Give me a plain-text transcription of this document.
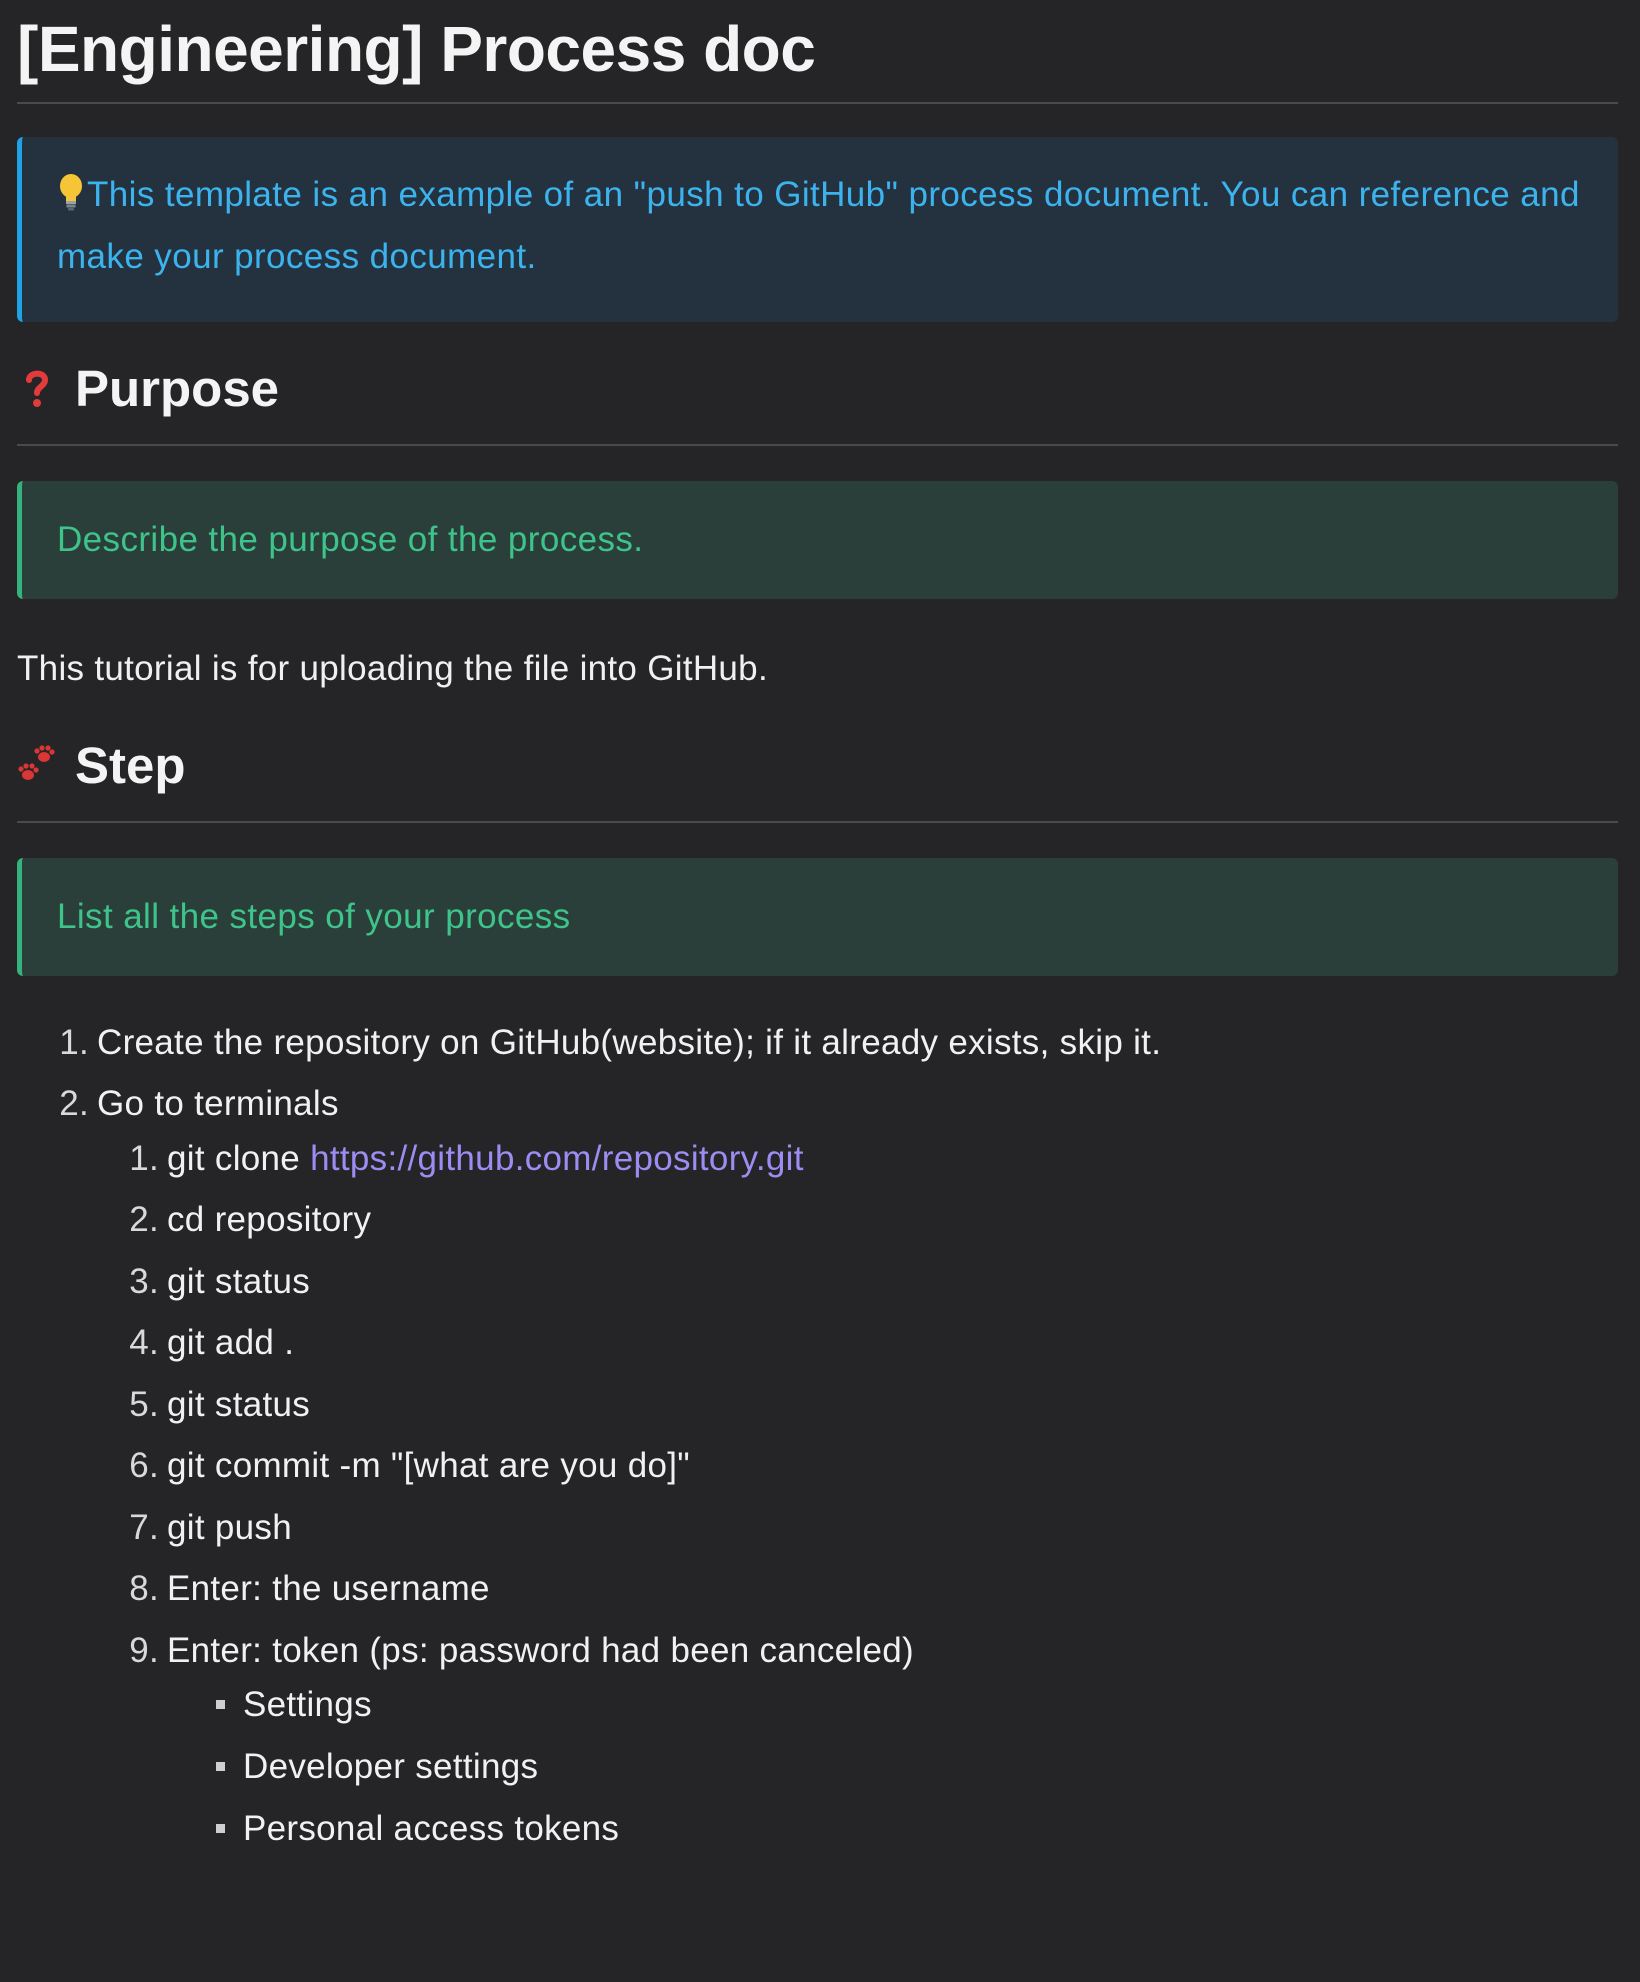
[Engineering] Process doc
This template is an example of an "push to GitHub" process document. You can reference and make your process document.
Purpose
Describe the purpose of the process.
This tutorial is for uploading the file into GitHub.
Step
List all the steps of your process
1. Create the repository on GitHub(website); if it already exists, skip it.
2. Go to terminals
1. git clone https://github.com/repository.git
2. cd repository
3. git status
4. git add .
5. git status
6. git commit -m "[what are you do]"
7. git push
8. Enter: the username
9. Enter: token (ps: password had been canceled)
Settings
Developer settings
Personal access tokens
